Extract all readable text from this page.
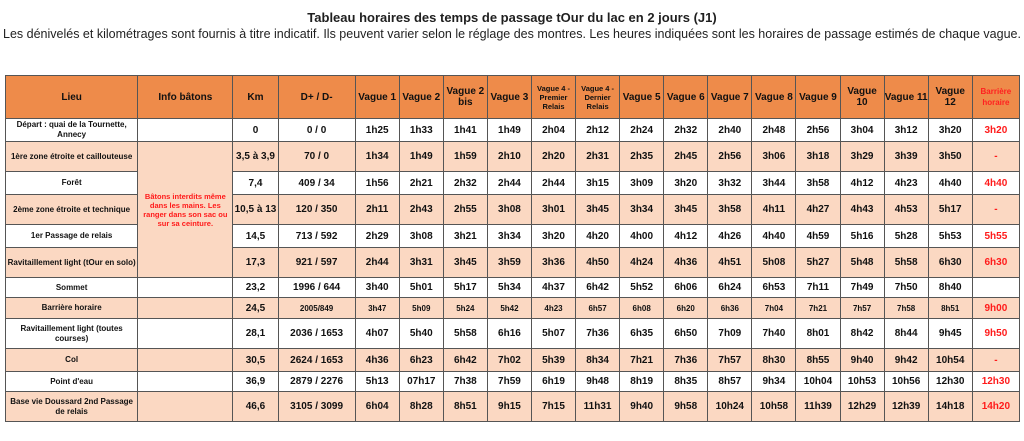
Tableau horaires des temps de passage tOur du lac en 2 jours (J1)
Les dénivelés et kilométrages sont fournis à titre indicatif. Ils peuvent varier selon le réglage des montres. Les heures indiquées sont les horaires de passage estimés de chaque vague.
Lieu	Info bâtons	Km	D+ / D-	Vague 1	Vague 2	Vague 2 bis	Vague 3	Vague 4 - Premier Relais	Vague 4 - Dernier Relais	Vague 5	Vague 6	Vague 7	Vague 8	Vague 9	Vague 10	Vague 11	Vague 12	Barrière horaire
Départ : quai de la Tournette, Annecy		0	0 / 0	1h25	1h33	1h41	1h49	2h04	2h12	2h24	2h32	2h40	2h48	2h56	3h04	3h12	3h20	3h20
1ère zone étroite et caillouteuse	Bâtons interdits même dans les mains. Les ranger dans son sac ou sur sa ceinture.	3,5 à 3,9	70 / 0	1h34	1h49	1h59	2h10	2h20	2h31	2h35	2h45	2h56	3h06	3h18	3h29	3h39	3h50	-
Forêt		7,4	409 / 34	1h56	2h21	2h32	2h44	2h44	3h15	3h09	3h20	3h32	3h44	3h58	4h12	4h23	4h40	4h40
2ème zone étroite et technique		10,5 à 13	120 / 350	2h11	2h43	2h55	3h08	3h01	3h45	3h34	3h45	3h58	4h11	4h27	4h43	4h53	5h17	-
1er Passage de relais		14,5	713 / 592	2h29	3h08	3h21	3h34	3h20	4h20	4h00	4h12	4h26	4h40	4h59	5h16	5h28	5h53	5h55
Ravitaillement light (tOur en solo)		17,3	921 / 597	2h44	3h31	3h45	3h59	3h36	4h50	4h24	4h36	4h51	5h08	5h27	5h48	5h58	6h30	6h30
Sommet		23,2	1996 / 644	3h40	5h01	5h17	5h34	4h37	6h42	5h52	6h06	6h24	6h53	7h11	7h49	7h50	8h40	
Barrière horaire		24,5	2005/849	3h47	5h09	5h24	5h42	4h23	6h57	6h08	6h20	6h36	7h04	7h21	7h57	7h58	8h51	9h00
Ravitaillement light (toutes courses)		28,1	2036 / 1653	4h07	5h40	5h58	6h16	5h07	7h36	6h35	6h50	7h09	7h40	8h01	8h42	8h44	9h45	9h50
Col		30,5	2624 / 1653	4h36	6h23	6h42	7h02	5h39	8h34	7h21	7h36	7h57	8h30	8h55	9h40	9h42	10h54	-
Point d'eau		36,9	2879 / 2276	5h13	07h17	7h38	7h59	6h19	9h48	8h19	8h35	8h57	9h34	10h04	10h53	10h56	12h30	12h30
Base vie Doussard 2nd Passage de relais		46,6	3105 / 3099	6h04	8h28	8h51	9h15	7h15	11h31	9h40	9h58	10h24	10h58	11h39	12h29	12h39	14h18	14h20
